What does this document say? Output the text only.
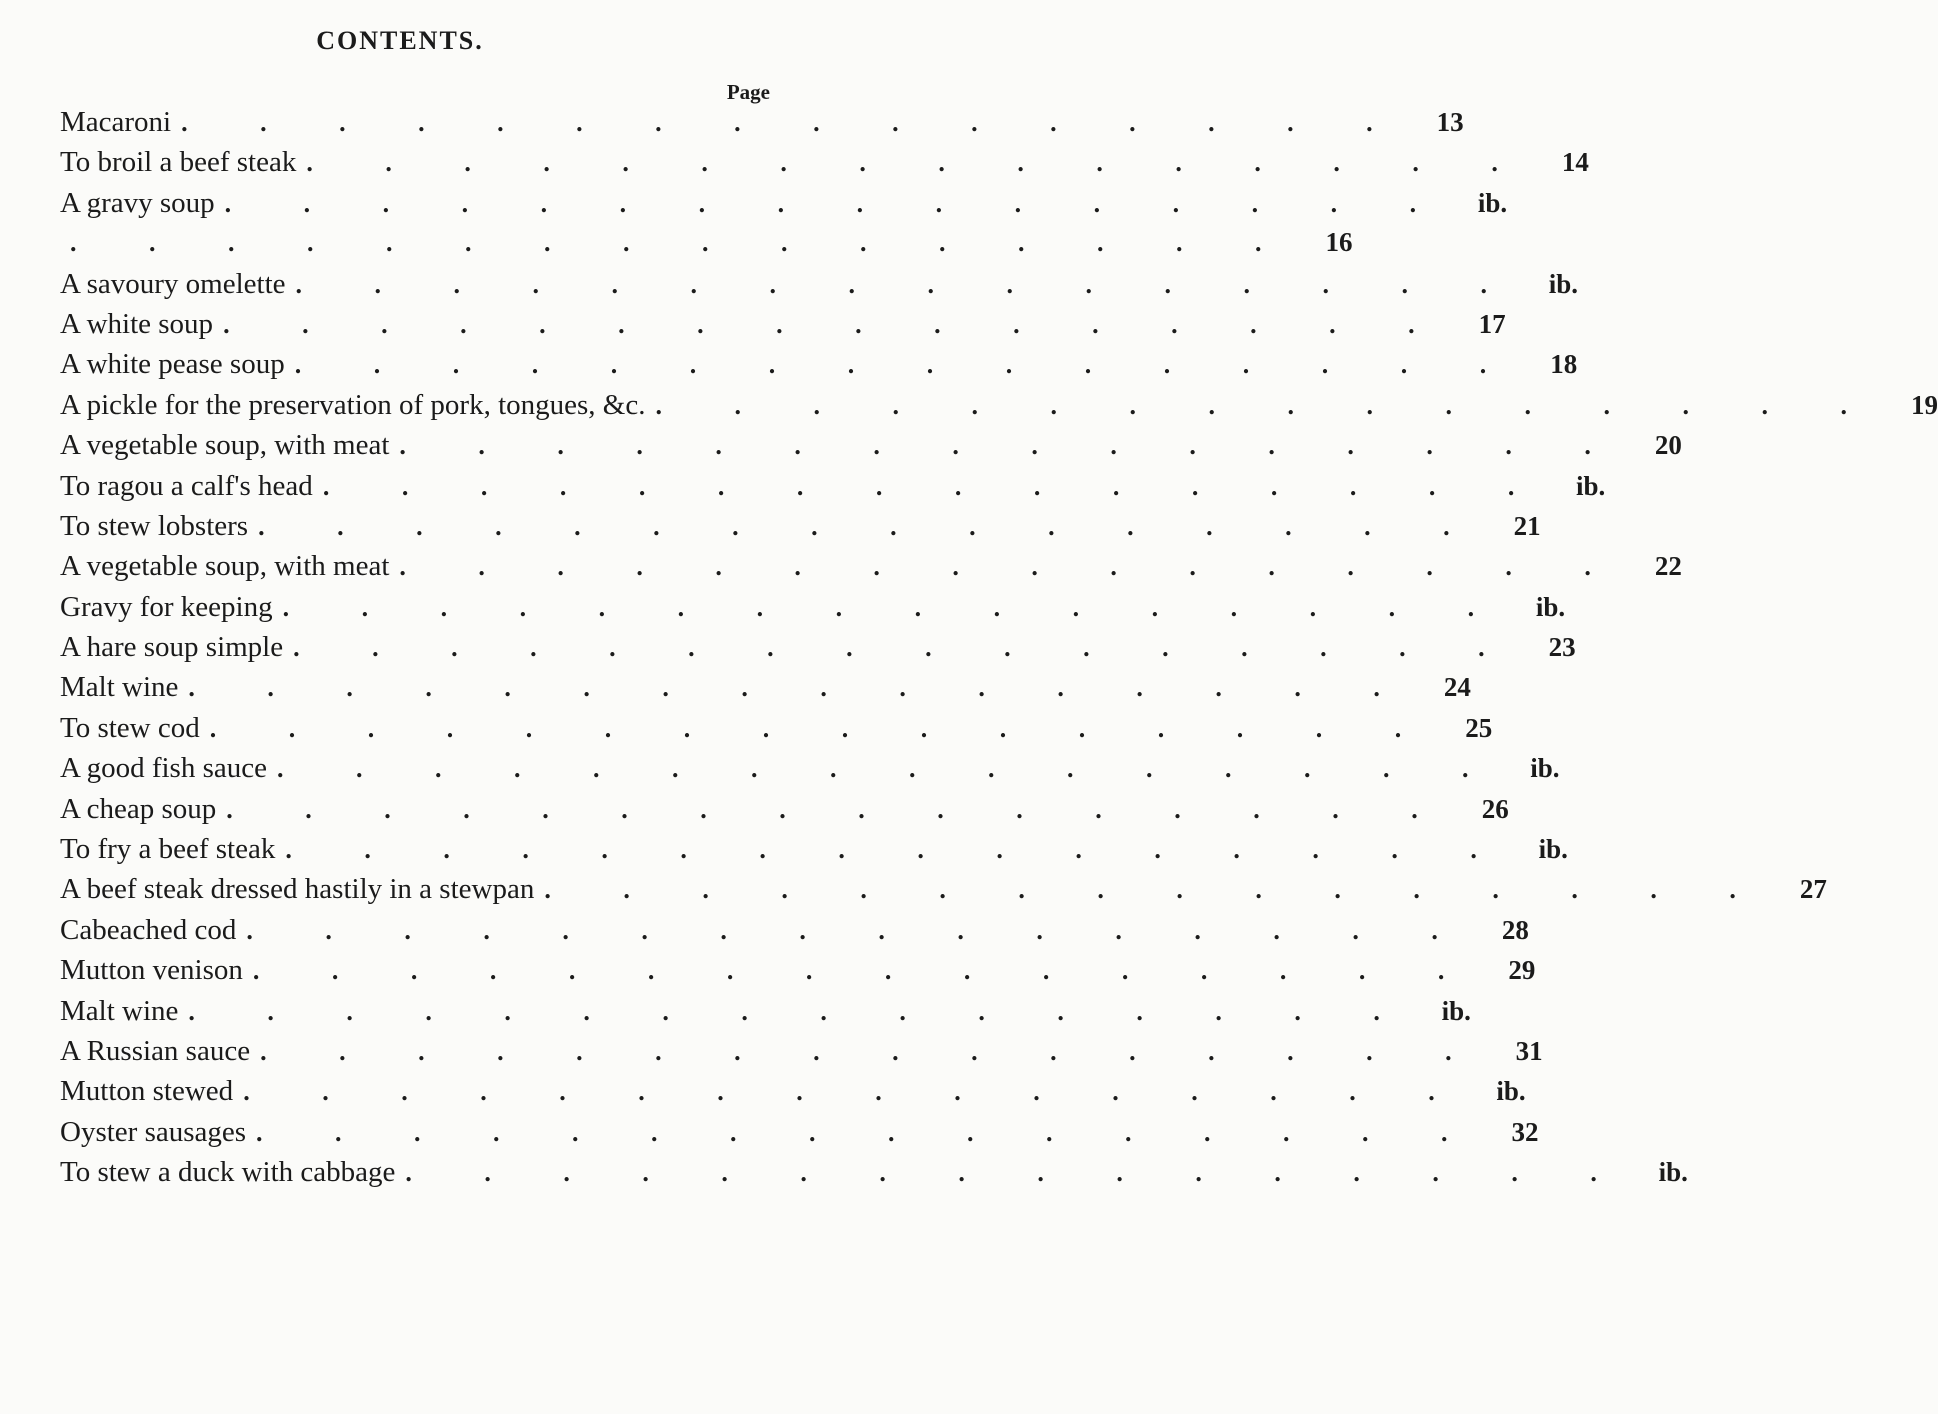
CONTENTS.
Page
Macaroni . . . . . . . . . . . . . . . .	13
To broil a beef steak . . . . . . . . . . . . . . . .	14
A gravy soup . . . . . . . . . . . . . . . .	ib.
. . . . . . . . . . . . . . . .	16
A savoury omelette . . . . . . . . . . . . . . . .	ib.
A white soup . . . . . . . . . . . . . . . .	17
A white pease soup . . . . . . . . . . . . . . . .	18
A pickle for the preservation of pork, tongues, &c. . . . . . . . . . . . . . . . .	19
A vegetable soup, with meat . . . . . . . . . . . . . . . .	20
To ragou a calf's head . . . . . . . . . . . . . . . .	ib.
To stew lobsters . . . . . . . . . . . . . . . .	21
A vegetable soup, with meat . . . . . . . . . . . . . . . .	22
Gravy for keeping . . . . . . . . . . . . . . . .	ib.
A hare soup simple . . . . . . . . . . . . . . . .	23
Malt wine . . . . . . . . . . . . . . . .	24
To stew cod . . . . . . . . . . . . . . . .	25
A good fish sauce . . . . . . . . . . . . . . . .	ib.
A cheap soup . . . . . . . . . . . . . . . .	26
To fry a beef steak . . . . . . . . . . . . . . . .	ib.
A beef steak dressed hastily in a stewpan . . . . . . . . . . . . . . . .	27
Cabeached cod . . . . . . . . . . . . . . . .	28
Mutton venison . . . . . . . . . . . . . . . .	29
Malt wine . . . . . . . . . . . . . . . .	ib.
A Russian sauce . . . . . . . . . . . . . . . .	31
Mutton stewed . . . . . . . . . . . . . . . .	ib.
Oyster sausages . . . . . . . . . . . . . . . .	32
To stew a duck with cabbage . . . . . . . . . . . . . . . .	ib.
